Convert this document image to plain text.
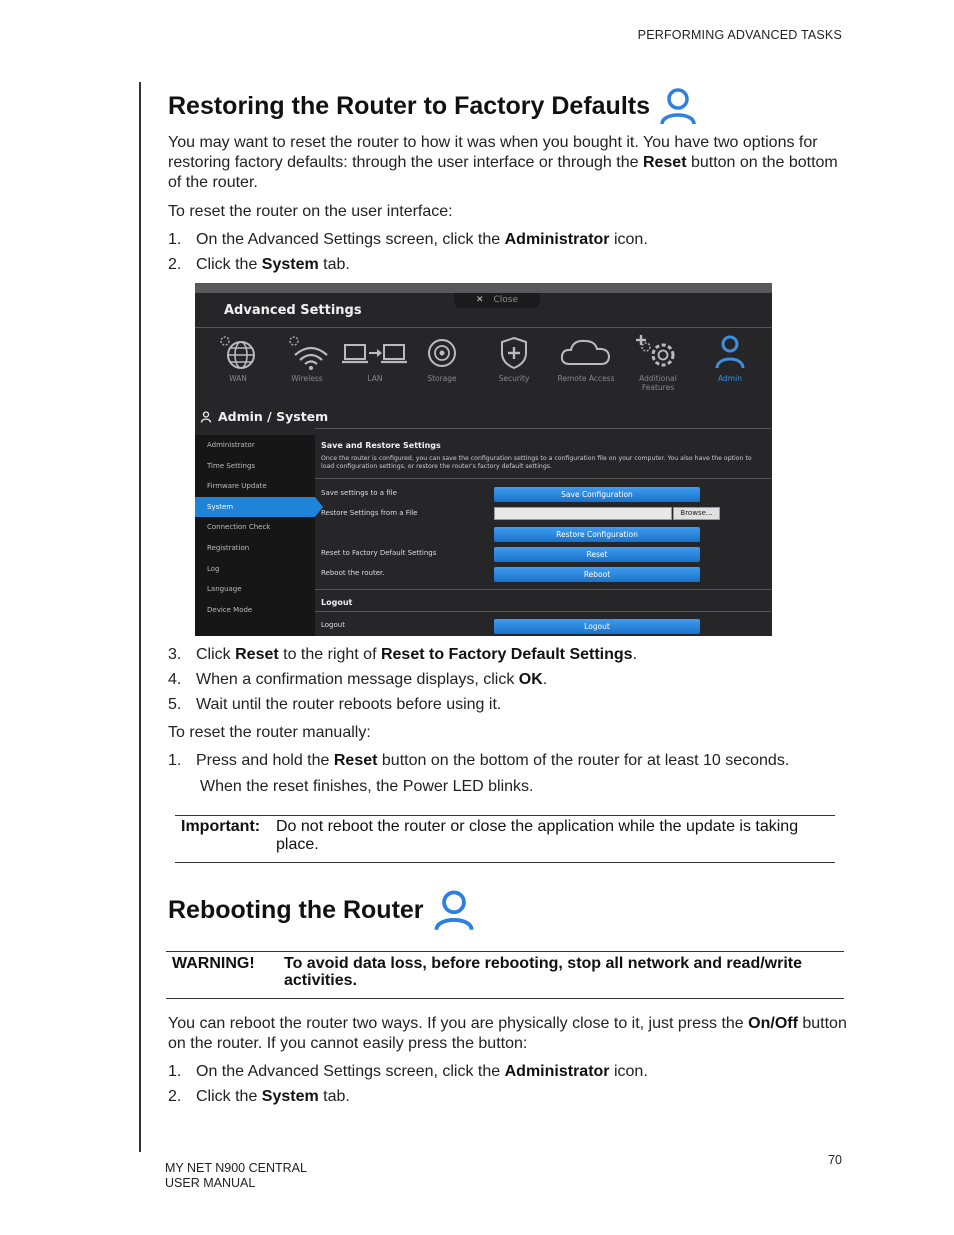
PERFORMING ADVANCED TASKS
Restoring the Router to Factory Defaults

You may want to reset the router to how it was when you bought it. You have two options for restoring factory defaults: through the user interface or through the Reset button on the bottom of the router.

To reset the router on the user interface:

1. On the Advanced Settings screen, click the Administrator icon.
2. Click the System tab.
✕ Close
Advanced Settings
WAN	Wireless	LAN	Storage	Security	Remote Access	Additional Features
Admin
Admin / System
Administrator
Time Settings
Firmware Update
System
Connection Check
Registration
Log
Language
Device Mode
Save and Restore Settings
Once the router is configured, you can save the configuration settings to a configuration file on your computer. You also have the option to load configuration settings, or restore the router's factory default settings.
Save settings to a file	Save Configuration
Restore Settings from a File	Browse...
Restore Configuration
Reset to Factory Default Settings	Reset
Reboot the router.	Reboot
Logout
Logout	Logout
3. Click Reset to the right of Reset to Factory Default Settings.
4. When a confirmation message displays, click OK.
5. Wait until the router reboots before using it.

To reset the router manually:

1. Press and hold the Reset button on the bottom of the router for at least 10 seconds.

When the reset finishes, the Power LED blinks.

Important: Do not reboot the router or close the application while the update is taking place.
Rebooting the Router
WARNING!	To avoid data loss, before rebooting, stop all network and read/write activities.

You can reboot the router two ways. If you are physically close to it, just press the On/Off button on the router. If you cannot easily press the button:

1. On the Advanced Settings screen, click the Administrator icon.
2. Click the System tab.
MY NET N900 CENTRAL
USER MANUAL
70
